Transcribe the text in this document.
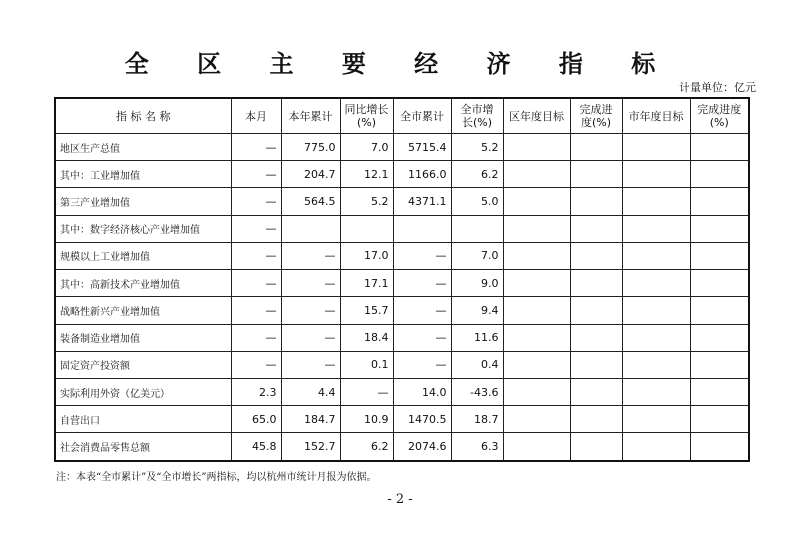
全 区 主 要 经 济 指 标
计量单位：亿元
指 标 名 称	本月	本年累计	同比增长(%)	全市累计	全市增长(%)	区年度目标	完成进度(%)	市年度目标	完成进度(%)
地区生产总值	—	775.0	7.0	5715.4	5.2				
其中：工业增加值	—	204.7	12.1	1166.0	6.2				
第三产业增加值	—	564.5	5.2	4371.1	5.0				
其中：数字经济核心产业增加值	—								
规模以上工业增加值	—	—	17.0	—	7.0				
其中：高新技术产业增加值	—	—	17.1	—	9.0				
战略性新兴产业增加值	—	—	15.7	—	9.4				
装备制造业增加值	—	—	18.4	—	11.6				
固定资产投资额	—	—	0.1	—	0.4				
实际利用外资（亿美元）	2.3	4.4	—	14.0	-43.6				
自营出口	65.0	184.7	10.9	1470.5	18.7				
社会消费品零售总额	45.8	152.7	6.2	2074.6	6.3				
注：本表“全市累计”及“全市增长”两指标，均以杭州市统计月报为依据。
- 2 -
